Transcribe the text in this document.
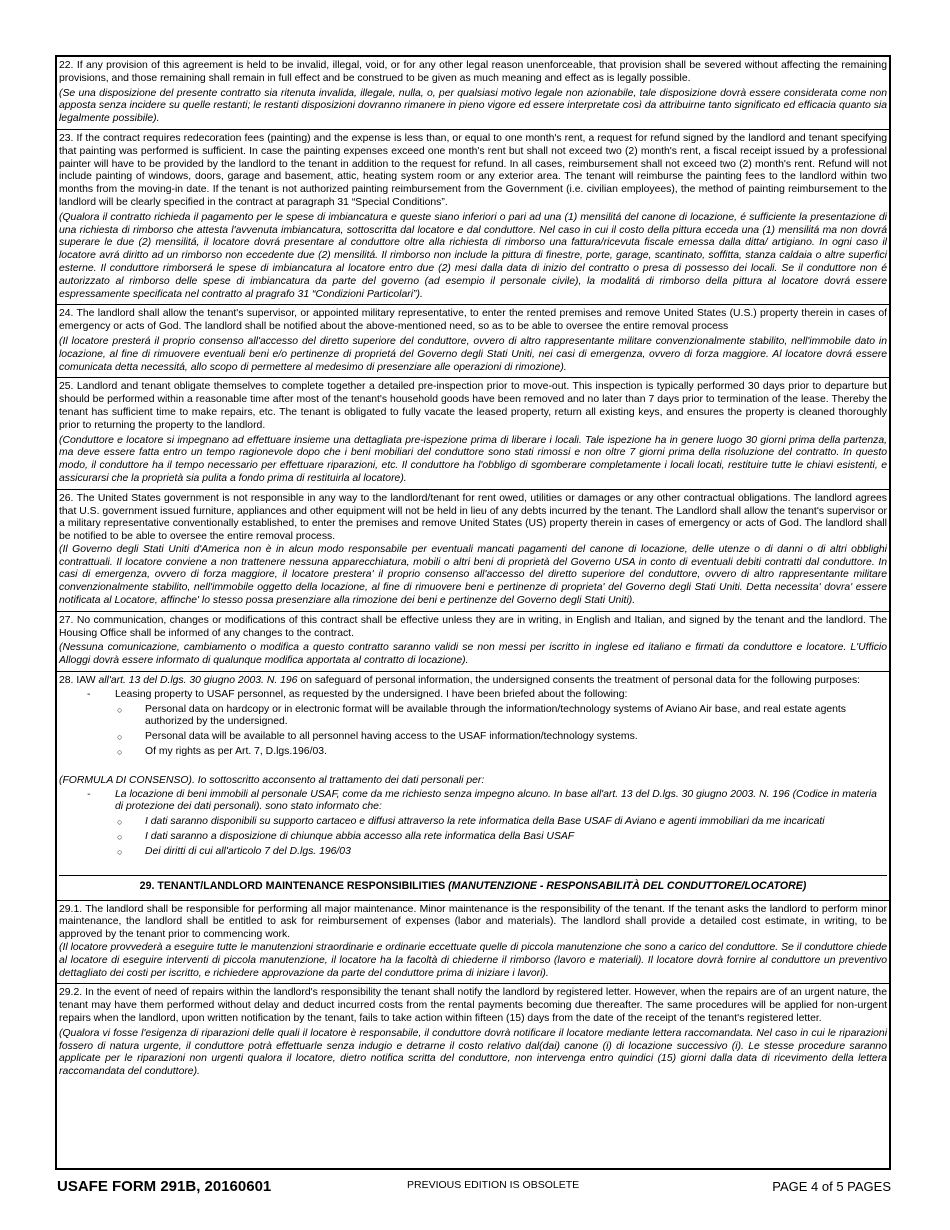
22. If any provision of this agreement is held to be invalid, illegal, void, or for any other legal reason unenforceable, that provision shall be severed without affecting the remaining provisions, and those remaining shall remain in full effect and be construed to be given as much meaning and effect as is legally possible.

(Se una disposizione del presente contratto sia ritenuta invalida, illegale, nulla, o, per qualsiasi motivo legale non azionabile, tale disposizione dovrà essere considerata come non apposta senza incidere su quelle restanti; le restanti disposizioni dovranno rimanere in pieno vigore ed essere interpretate così da attribuirne tanto significato ed efficacia quanto sia legalmente possibile).

23. If the contract requires redecoration fees (painting) and the expense is less than, or equal to one month's rent, a request for refund signed by the landlord and tenant specifying that painting was performed is sufficient. In case the painting expenses exceed one month's rent but shall not exceed two (2) month's rent, a fiscal receipt issued by a professional painter will have to be provided by the landlord to the tenant in addition to the request for refund. In all cases, reimbursement shall not exceed two (2) month's rent. Refund will not include painting of windows, doors, garage and basement, attic, heating system room or any exterior area. The tenant will reimburse the painting fees to the landlord within two months from the moving-in date. If the tenant is not authorized painting reimbursement from the Government (i.e. civilian employees), the method of painting reimbursement to the landlord will be clearly specified in the contract at paragraph 31 “Special Conditions”.

(Qualora il contratto richieda il pagamento per le spese di imbiancatura e queste siano inferiori o pari ad una (1) mensilitá del canone di locazione, é sufficiente la presentazione di una richiesta di rimborso che attesta l'avvenuta imbiancatura, sottoscritta dal locatore e dal conduttore. Nel caso in cui il costo della pittura ecceda una (1) mensilitá ma non dovrá superare le due (2) mensilitá, il locatore dovrá presentare al conduttore oltre alla richiesta di rimborso una fattura/ricevuta fiscale emessa dalla ditta/ artigiano. In ogni caso il locatore avrá diritto ad un rimborso non eccedente due (2) mensilitá. Il rimborso non include la pittura di finestre, porte, garage, scantinato, soffitta, stanza caldaia o altre superfici esterne. Il conduttore rimborserá le spese di imbiancatura al locatore entro due (2) mesi dalla data di inizio del contratto o presa di possesso dei locali. Se il conduttore non é autorizzato al rimborso delle spese di imbiancatura da parte del governo (ad esempio il personale civile), la modalitá di rimborso della pittura al locatore dovrá essere espressamente specificata nel contratto al pragrafo 31 “Condizioni Particolari”).

24. The landlord shall allow the tenant's supervisor, or appointed military representative, to enter the rented premises and remove United States (U.S.) property therein in cases of emergency or acts of God. The landlord shall be notified about the above-mentioned need, so as to be able to oversee the entire removal process

(Il locatore presterá il proprio consenso all'accesso del diretto superiore del conduttore, ovvero di altro rappresentante militare convenzionalmente stabilito, nell'immobile dato in locazione, al fine di rimuovere eventuali beni e/o pertinenze di proprietá del Governo degli Stati Uniti, nei casi di emergenza, ovvero di forza maggiore. Al locatore dovrá essere comunicata detta necessitá, allo scopo di permettere al medesimo di presenziare alle operazioni di rimozione).

25. Landlord and tenant obligate themselves to complete together a detailed pre-inspection prior to move-out. This inspection is typically performed 30 days prior to departure but should be performed within a reasonable time after most of the tenant's household goods have been removed and no later than 7 days prior to termination of the lease. Thereby the tenant has sufficient time to make repairs, etc. The tenant is obligated to fully vacate the leased property, return all existing keys, and ensures the property is cleaned thoroughly prior to returning the property to the landlord.

(Conduttore e locatore si impegnano ad effettuare insieme una dettagliata pre-ispezione prima di liberare i locali. Tale ispezione ha in genere luogo 30 giorni prima della partenza, ma deve essere fatta entro un tempo ragionevole dopo che i beni mobiliari del conduttore sono stati rimossi e non oltre 7 giorni prima della risoluzione del contratto. In questo modo, il conduttore ha il tempo necessario per effettuare riparazioni, etc. Il conduttore ha l'obbligo di sgomberare completamente i locali locati, restituire tutte le chiavi esistenti, e assicurarsi che la proprietà sia pulita a fondo prima di restituirla al locatore).

26. The United States government is not responsible in any way to the landlord/tenant for rent owed, utilities or damages or any other contractual obligations. The landlord agrees that U.S. government issued furniture, appliances and other equipment will not be held in lieu of any debts incurred by the tenant. The Landlord shall allow the tenant's supervisor or a military representative conventionally established, to enter the premises and remove United States (US) property therein in cases of emergency or acts of God. The landlord shall be notified to be able to oversee the entire removal process.

(Il Governo degli Stati Uniti d'America non è in alcun modo responsabile per eventuali mancati pagamenti del canone di locazione, delle utenze o di danni o di altri obblighi contrattuali. Il locatore conviene a non trattenere nessuna apparecchiatura, mobili o altri beni di proprietà del Governo USA in conto di eventuali debiti contratti dal conduttore. In casi di emergenza, ovvero di forza maggiore, il locatore prestera' il proprio consenso all'accesso del diretto superiore del conduttore, ovvero di altro rappresentante militare convenzionalmente stabilito, nell'immobile oggetto della locazione, al fine di rimuovere beni e pertinenze di proprieta' del Governo degli Stati Uniti. Detta necessita' dovra' essere notificata al Locatore, affinche' lo stesso possa presenziare alla rimozione dei beni e pertinenze del Governo degli Stati Uniti).

27. No communication, changes or modifications of this contract shall be effective unless they are in writing, in English and Italian, and signed by the tenant and the landlord. The Housing Office shall be informed of any changes to the contract.

(Nessuna comunicazione, cambiamento o modifica a questo contratto saranno validi se non messi per iscritto in inglese ed italiano e firmati da conduttore e locatore. L'Ufficio Alloggi dovrà essere informato di qualunque modifica apportata al contratto di locazione).

28. IAW all'art. 13 del D.lgs. 30 giugno 2003. N. 196 on safeguard of personal information, the undersigned consents the treatment of personal data for the following purposes:

- Leasing property to USAF personnel, as requested by the undersigned. I have been briefed about the following:
○ Personal data on hardcopy or in electronic format will be available through the information/technology systems of Aviano Air base, and real estate agents authorized by the undersigned.
○ Personal data will be available to all personnel having access to the USAF information/technology systems.
○ Of my rights as per Art. 7, D.lgs.196/03.

(FORMULA DI CONSENSO). Io sottoscritto acconsento al trattamento dei dati personali per:

- La locazione di beni immobili al personale USAF, come da me richiesto senza impegno alcuno. In base all'art. 13 del D.lgs. 30 giugno 2003. N. 196 (Codice in materia di protezione dei dati personali). sono stato informato che:
○ I dati saranno disponibili su supporto cartaceo e diffusi attraverso la rete informatica della Base USAF di Aviano e agenti immobiliari da me incaricati
○ I dati saranno a disposizione di chiunque abbia accesso alla rete informatica della Basi USAF
○ Dei diritti di cui all'articolo 7 del D.lgs. 196/03
29. TENANT/LANDLORD MAINTENANCE RESPONSIBILITIES (MANUTENZIONE - RESPONSABILITÀ DEL CONDUTTORE/LOCATORE)

29.1. The landlord shall be responsible for performing all major maintenance. Minor maintenance is the responsibility of the tenant. If the tenant asks the landlord to perform minor maintenance, the landlord shall be entitled to ask for reimbursement of expenses (labor and materials). The landlord shall provide a detailed cost estimate, in writing, to be approved by the tenant prior to commencing work.

(Il locatore provvederà a eseguire tutte le manutenzioni straordinarie e ordinarie eccettuate quelle di piccola manutenzione che sono a carico del conduttore. Se il conduttore chiede al locatore di eseguire interventi di piccola manutenzione, il locatore ha la facoltà di chiederne il rimborso (lavoro e materiali). Il locatore dovrà fornire al conduttore un preventivo dettagliato dei costi per iscritto, e richiedere approvazione da parte del conduttore prima di iniziare i lavori).

29.2. In the event of need of repairs within the landlord's responsibility the tenant shall notify the landlord by registered letter. However, when the repairs are of an urgent nature, the tenant may have them performed without delay and deduct incurred costs from the rental payments becoming due thereafter. The same procedures will be applied for non-urgent repairs when the landlord, upon written notification by the tenant, fails to take action within fifteen (15) days from the date of the receipt of the tenant's registered letter.

(Qualora vi fosse l'esigenza di riparazioni delle quali il locatore è responsabile, il conduttore dovrà notificare il locatore mediante lettera raccomandata. Nel caso in cui le riparazioni fossero di natura urgente, il conduttore potrà effettuarle senza indugio e detrarne il costo relativo dal(dai) canone (i) di locazione successivo (i). Le stesse procedure saranno applicate per le riparazioni non urgenti qualora il locatore, dietro notifica scritta del conduttore, non intervenga entro quindici (15) giorni dalla data di ricevimento della lettera raccomandata del conduttore).

USAFE FORM 291B, 20160601	PREVIOUS EDITION IS OBSOLETE	PAGE 4 of 5 PAGES
